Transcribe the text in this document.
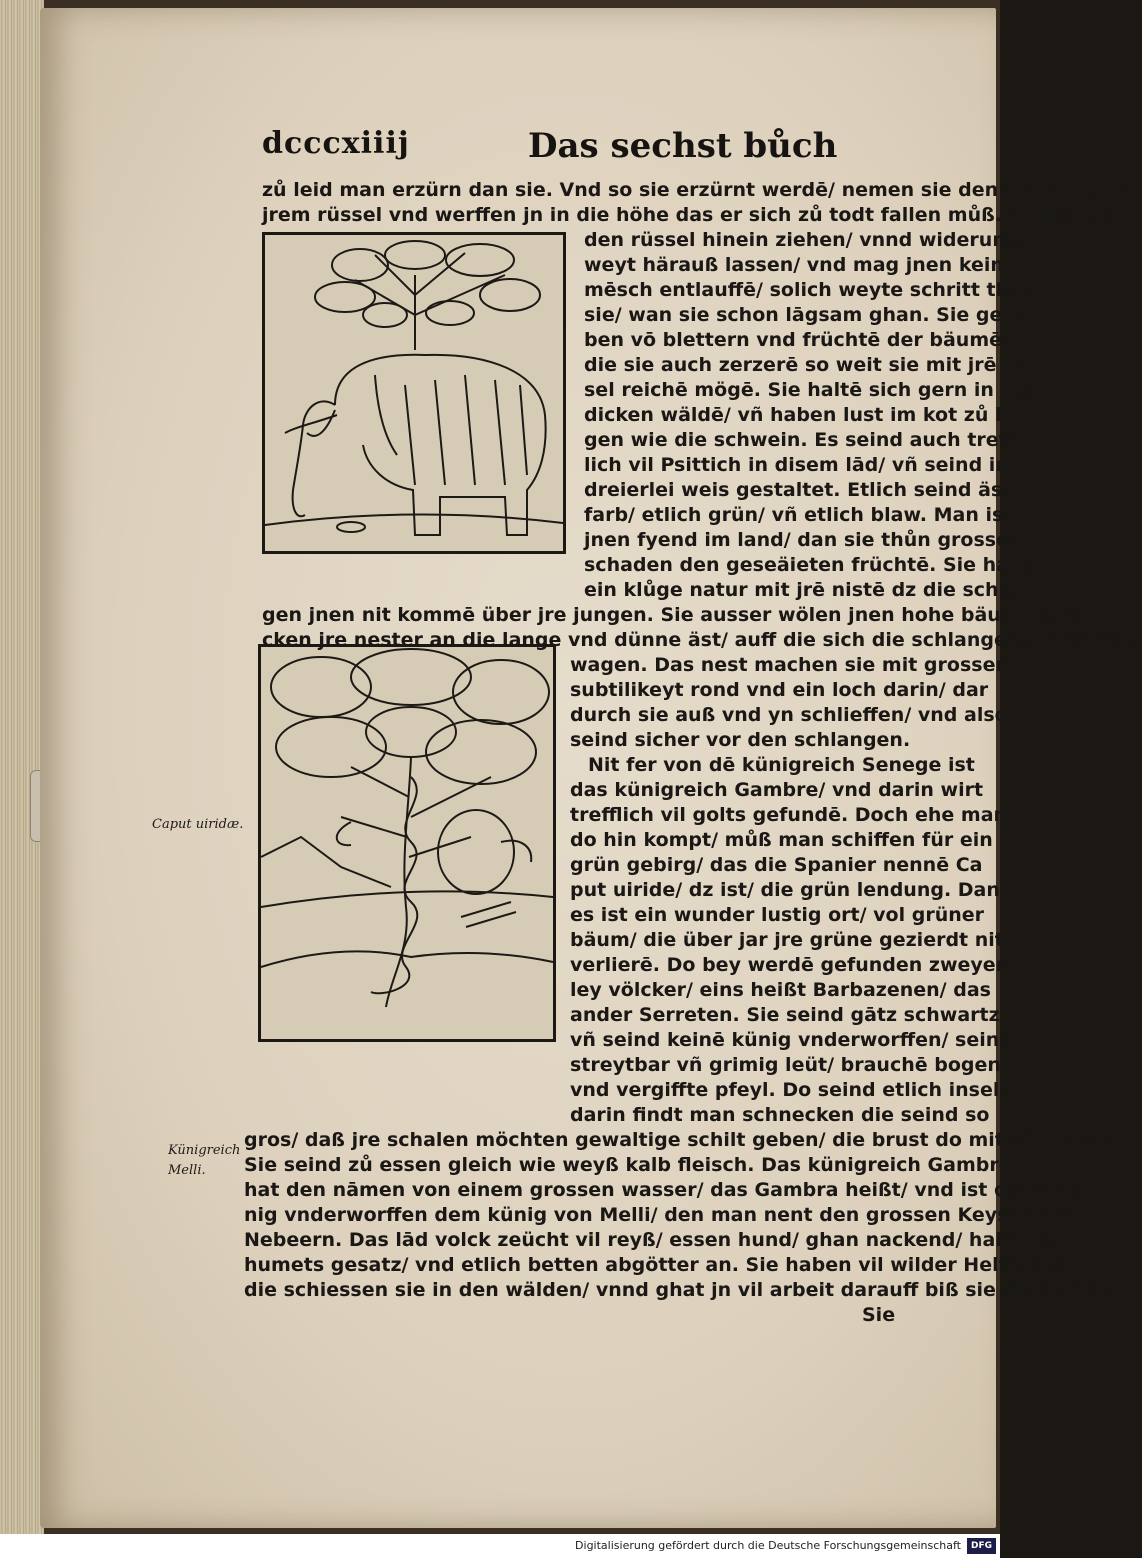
dcccxiiij	Das sechst bůch
zů leid man erzürn dan sie. Vnd so sie erzürnt werdē/ nemen sie den menschē mit
jrem rüssel vnd werffen jn in die höhe das er sich zů todt fallen můß. Sie können
den rüssel hinein ziehen/ vnnd widerumb
weyt härauß lassen/ vnd mag jnen kein
mēsch entlauffē/ solich weyte schritt thůn
sie/ wan sie schon lāgsam ghan. Sie gele
ben vō blettern vnd früchtē der bäumē/
die sie auch zerzerē so weit sie mit jrē rüs
sel reichē mögē. Sie haltē sich gern in den
dicken wäldē/ vñ haben lust im kot zů li
gen wie die schwein. Es seind auch treff
lich vil Psittich in disem lād/ vñ seind in
dreierlei weis gestaltet. Etlich seind äsch
farb/ etlich grün/ vñ etlich blaw. Man ist
jnen fyend im land/ dan sie thůn grossen
schaden den geseäieten früchtē. Sie habē
ein klůge natur mit jrē nistē dz die schlā
gen jnen nit kommē über jre jungen. Sie ausser wölen jnen hohe bäum vñ hen
cken jre nester an die lange vnd dünne äst/ auff die sich die schlangen nit dörffen
wagen. Das nest machen sie mit grosser
subtilikeyt rond vnd ein loch darin/ dar
durch sie auß vnd yn schlieffen/ vnd also
seind sicher vor den schlangen.
Nit fer von dē künigreich Senege ist
das künigreich Gambre/ vnd darin wirt
trefflich vil golts gefundē. Doch ehe man
do hin kompt/ můß man schiffen für ein
grün gebirg/ das die Spanier nennē Ca
put uiride/ dz ist/ die grün lendung. Dan
es ist ein wunder lustig ort/ vol grüner
bäum/ die über jar jre grüne gezierdt nit
verlierē. Do bey werdē gefunden zweyer
ley völcker/ eins heißt Barbazenen/ das
ander Serreten. Sie seind gātz schwartz
vñ seind keinē künig vnderworffen/ seind
streytbar vñ grimig leüt/ brauchē bogen
vnd vergiffte pfeyl. Do seind etlich insel/
darin findt man schnecken die seind so
gros/ daß jre schalen möchten gewaltige schilt geben/ die brust do mit zůdecken.
Sie seind zů essen gleich wie weyß kalb fleisch. Das künigreich Gambre
hat den nāmen von einem grossen wasser/ das Gambra heißt/ vnd ist diser kü
nig vnderworffen dem künig von Melli/ den man nent den grossen Keyser der
Nebeern. Das lād volck zeücht vil reyß/ essen hund/ ghan nackend/ haltē Ma
humets gesatz/ vnd etlich betten abgötter an. Sie haben vil wilder Helffantē/
die schiessen sie in den wälden/ vnnd ghat jn vil arbeit darauff biß sie einen fellen
Sie
Caput uiridæ.
Künigreich
Melli.
Digitalisierung gefördert durch die Deutsche Forschungsgemeinschaft DFG
